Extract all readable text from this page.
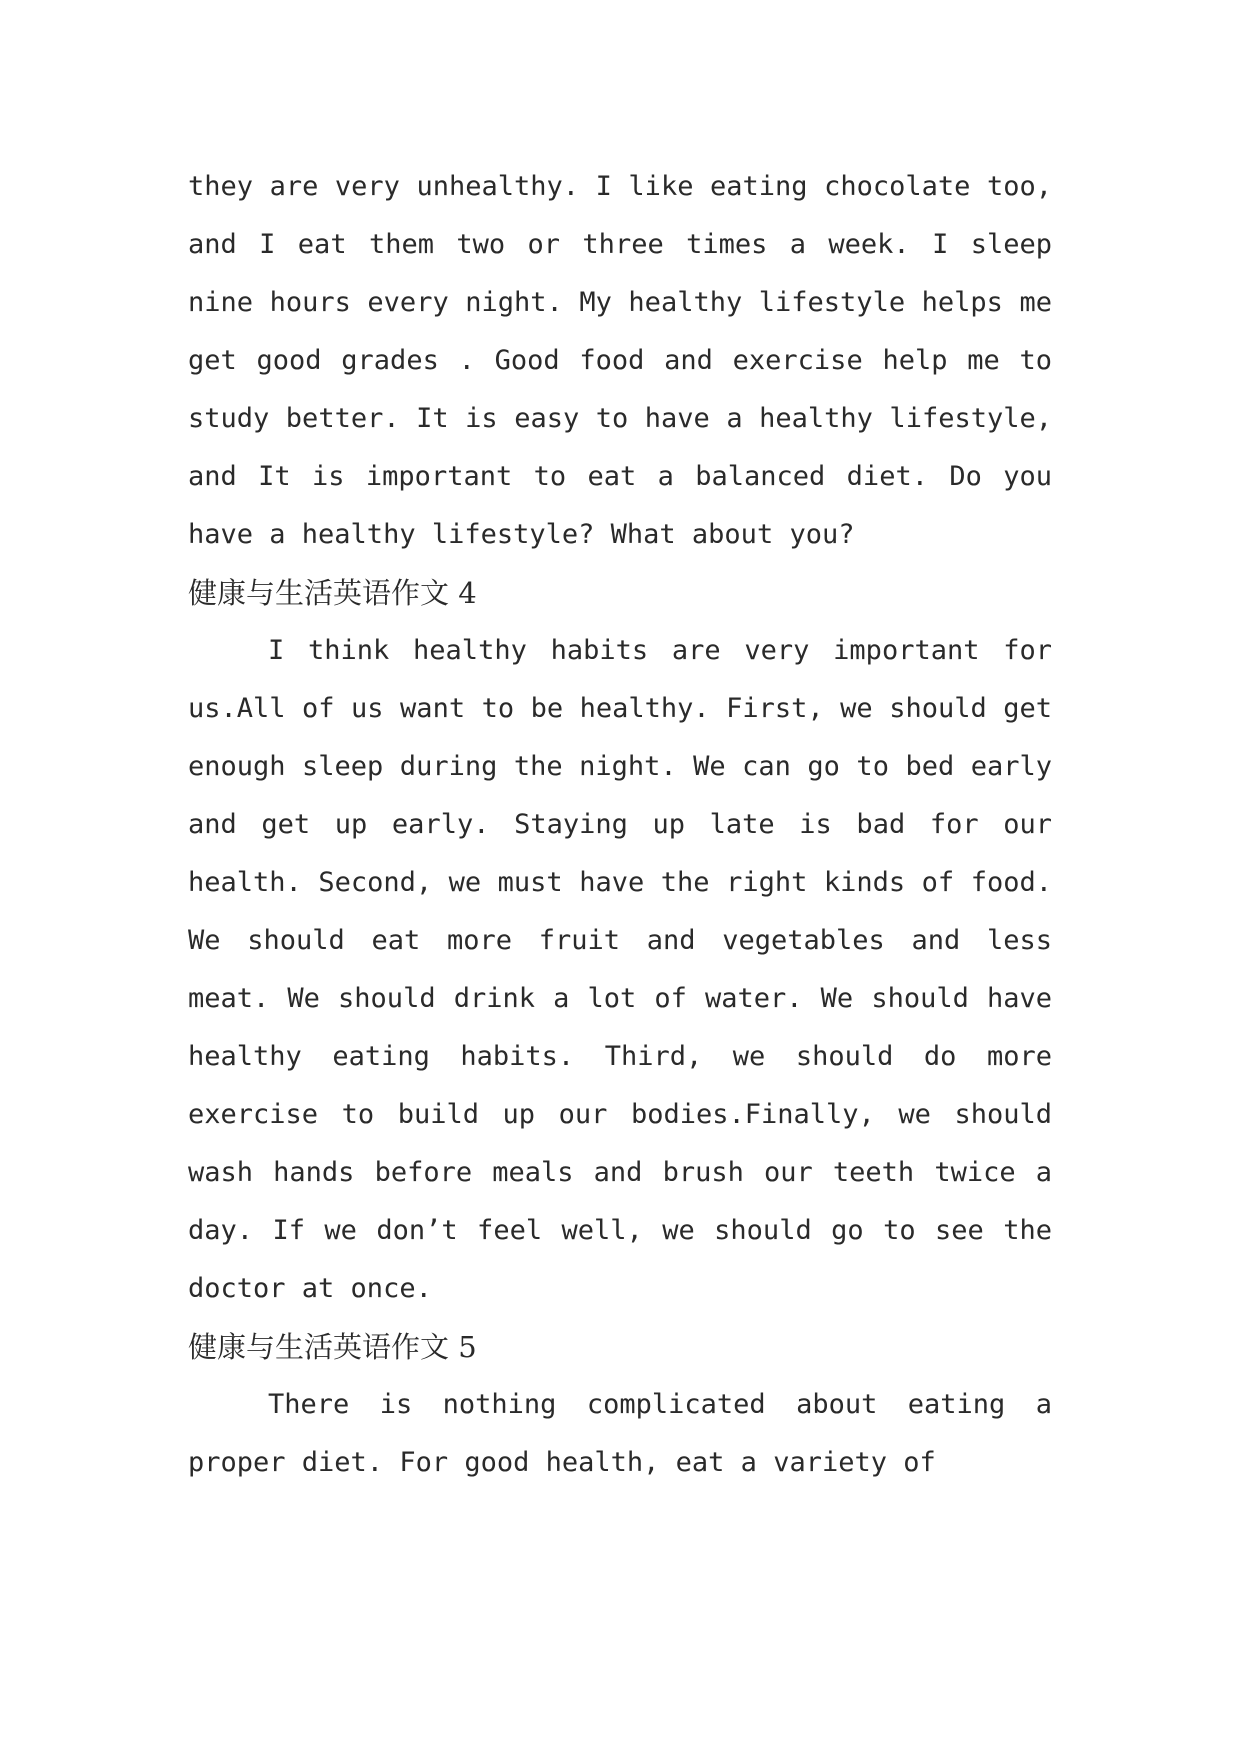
they are very unhealthy. I like eating chocolate too, and I eat them two or three times a week. I sleep nine hours every night. My healthy lifestyle helps me get good grades . Good food and exercise help me to study better. It is easy to have a healthy lifestyle, and It is important to eat a balanced diet. Do you have a healthy lifestyle? What about you?

健康与生活英语作文 4

I think healthy habits are very important for us.All of us want to be healthy. First, we should get enough sleep during the night. We can go to bed early and get up early. Staying up late is bad for our health. Second, we must have the right kinds of food. We should eat more fruit and vegetables and less meat. We should drink a lot of water. We should have healthy eating habits. Third, we should do more exercise to build up our bodies.Finally, we should wash hands before meals and brush our teeth twice a day. If we don’t feel well, we should go to see the doctor at once.

健康与生活英语作文 5

There is nothing complicated about eating a proper diet. For good health, eat a variety of
